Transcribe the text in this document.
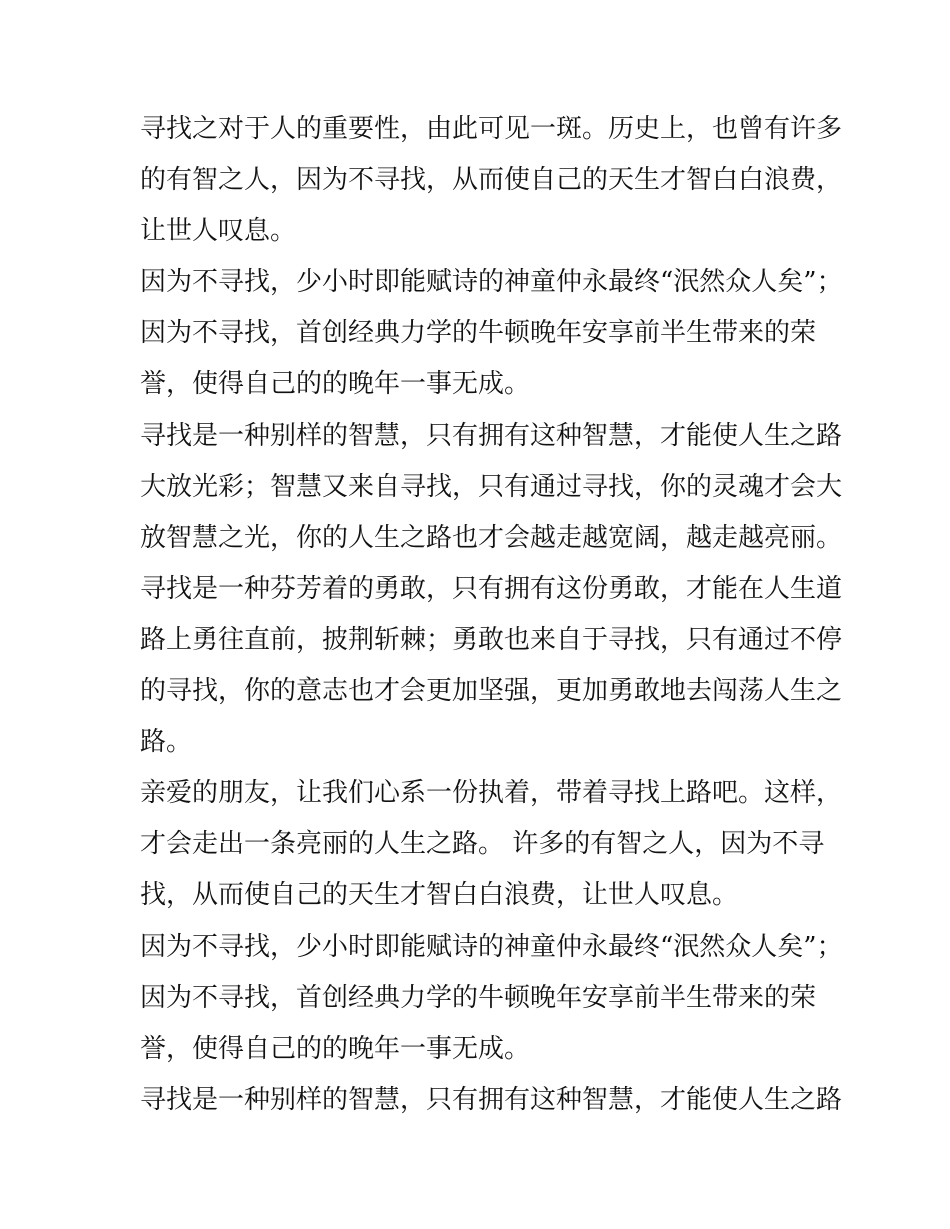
寻找之对于人的重要性，由此可见一斑。历史上，也曾有许多
的有智之人，因为不寻找，从而使自己的天生才智白白浪费，
让世人叹息。
因为不寻找，少小时即能赋诗的神童仲永最终“泯然众人矣”；
因为不寻找，首创经典力学的牛顿晚年安享前半生带来的荣
誉，使得自己的的晚年一事无成。
寻找是一种别样的智慧，只有拥有这种智慧，才能使人生之路
大放光彩；智慧又来自寻找，只有通过寻找，你的灵魂才会大
放智慧之光，你的人生之路也才会越走越宽阔，越走越亮丽。
寻找是一种芬芳着的勇敢，只有拥有这份勇敢，才能在人生道
路上勇往直前，披荆斩棘；勇敢也来自于寻找，只有通过不停
的寻找，你的意志也才会更加坚强，更加勇敢地去闯荡人生之
路。
亲爱的朋友，让我们心系一份执着，带着寻找上路吧。这样，
才会走出一条亮丽的人生之路。 许多的有智之人，因为不寻
找，从而使自己的天生才智白白浪费，让世人叹息。
因为不寻找，少小时即能赋诗的神童仲永最终“泯然众人矣”；
因为不寻找，首创经典力学的牛顿晚年安享前半生带来的荣
誉，使得自己的的晚年一事无成。
寻找是一种别样的智慧，只有拥有这种智慧，才能使人生之路
